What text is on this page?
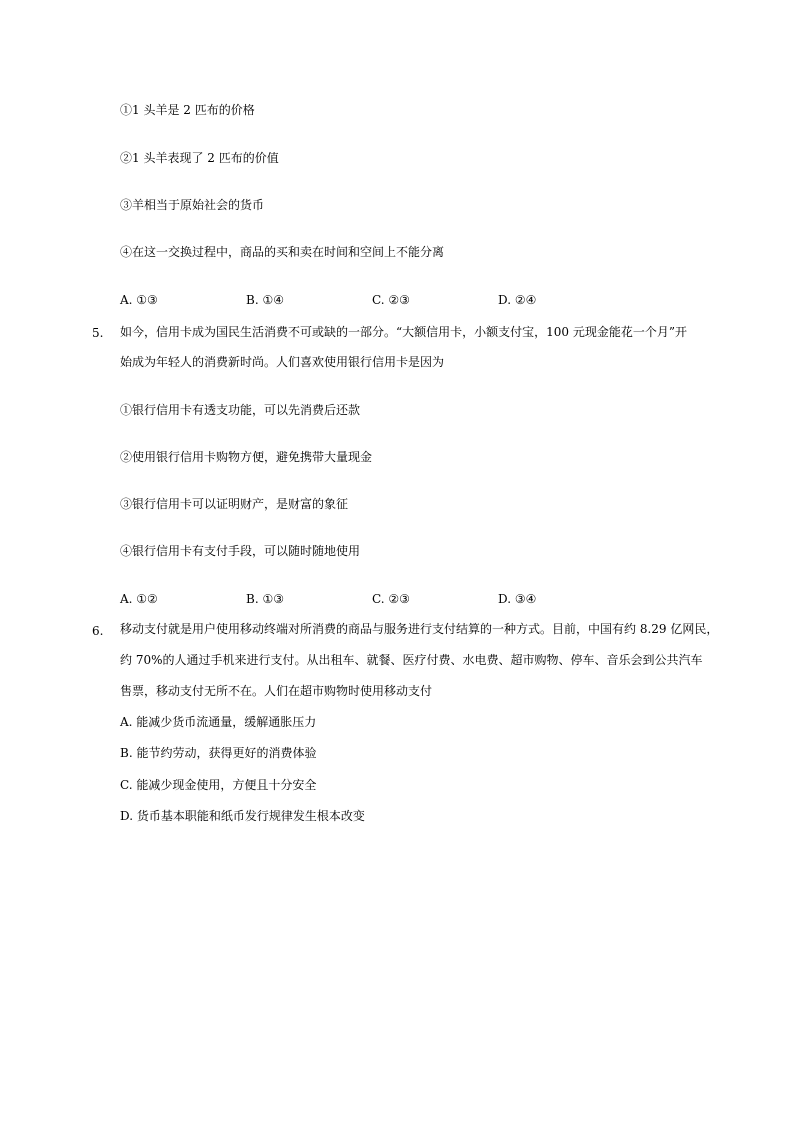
①1 头羊是 2 匹布的价格
②1 头羊表现了 2 匹布的价值
③羊相当于原始社会的货币
④在这一交换过程中，商品的买和卖在时间和空间上不能分离
A. ①③	B. ①④	C. ②③	D. ②④
5. 如今，信用卡成为国民生活消费不可或缺的一部分。“大额信用卡，小额支付宝，100 元现金能花一个月”开
始成为年轻人的消费新时尚。人们喜欢使用银行信用卡是因为
①银行信用卡有透支功能，可以先消费后还款
②使用银行信用卡购物方便，避免携带大量现金
③银行信用卡可以证明财产，是财富的象征
④银行信用卡有支付手段，可以随时随地使用
A. ①②	B. ①③	C. ②③	D. ③④
6. 移动支付就是用户使用移动终端对所消费的商品与服务进行支付结算的一种方式。目前，中国有约 8.29 亿网民，
约 70%的人通过手机来进行支付。从出租车、就餐、医疗付费、水电费、超市购物、停车、音乐会到公共汽车
售票，移动支付无所不在。人们在超市购物时使用移动支付
A. 能减少货币流通量，缓解通胀压力
B. 能节约劳动，获得更好的消费体验
C. 能减少现金使用，方便且十分安全
D. 货币基本职能和纸币发行规律发生根本改变
